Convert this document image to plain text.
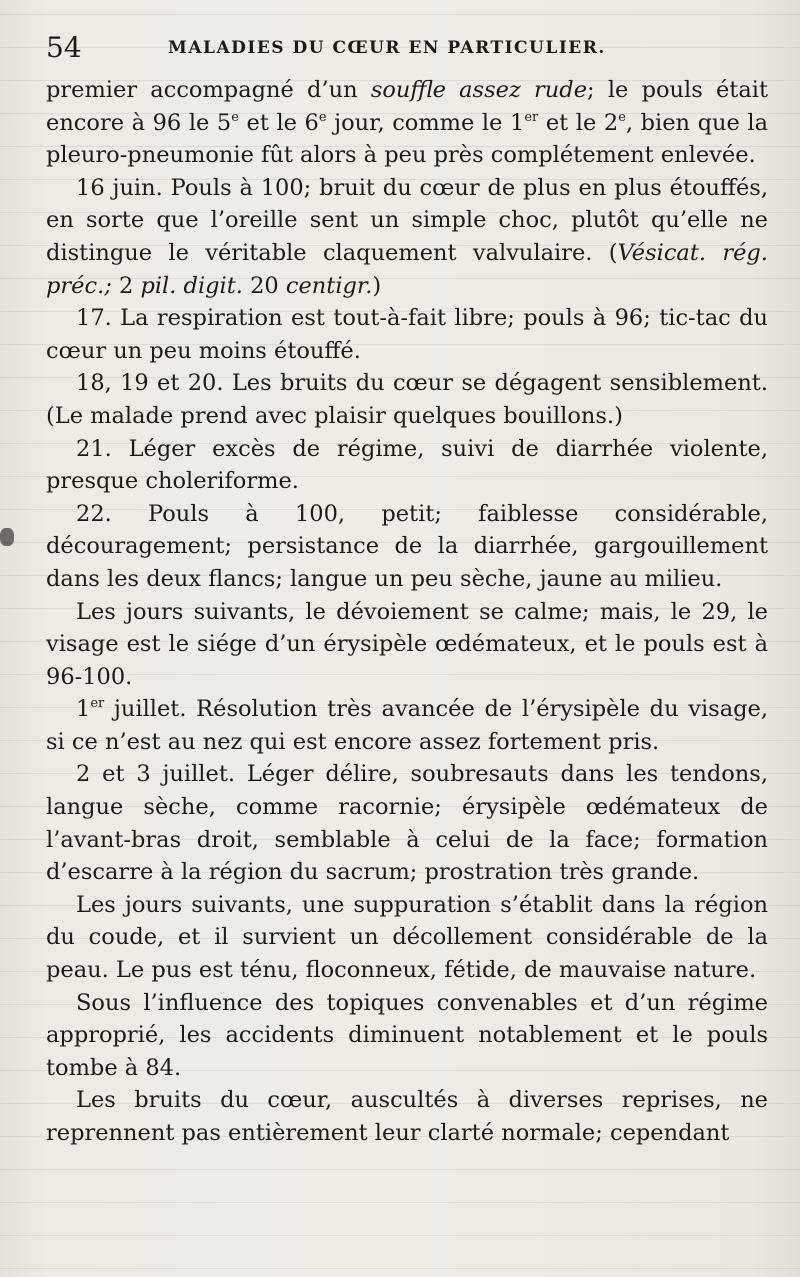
54	MALADIES DU CŒUR EN PARTICULIER.

premier accompagné d’un souffle assez rude; le pouls était encore à 96 le 5e et le 6e jour, comme le 1er et le 2e, bien que la pleuro-pneumonie fût alors à peu près complétement enlevée.

16 juin. Pouls à 100; bruit du cœur de plus en plus étouffés, en sorte que l’oreille sent un simple choc, plutôt qu’elle ne distingue le véritable claquement valvulaire. (Vésicat. rég. préc.; 2 pil. digit. 20 centigr.)

17. La respiration est tout-à-fait libre; pouls à 96; tic-tac du cœur un peu moins étouffé.

18, 19 et 20. Les bruits du cœur se dégagent sensiblement. (Le malade prend avec plaisir quelques bouillons.)

21. Léger excès de régime, suivi de diarrhée violente, presque choleriforme.

22. Pouls à 100, petit; faiblesse considérable, découragement; persistance de la diarrhée, gargouillement dans les deux flancs; langue un peu sèche, jaune au milieu.

Les jours suivants, le dévoiement se calme; mais, le 29, le visage est le siége d’un érysipèle œdémateux, et le pouls est à 96-100.

1er juillet. Résolution très avancée de l’érysipèle du visage, si ce n’est au nez qui est encore assez fortement pris.

2 et 3 juillet. Léger délire, soubresauts dans les tendons, langue sèche, comme racornie; érysipèle œdémateux de l’avant-bras droit, semblable à celui de la face; formation d’escarre à la région du sacrum; prostration très grande.

Les jours suivants, une suppuration s’établit dans la région du coude, et il survient un décollement considérable de la peau. Le pus est ténu, floconneux, fétide, de mauvaise nature.

Sous l’influence des topiques convenables et d’un régime approprié, les accidents diminuent notablement et le pouls tombe à 84.

Les bruits du cœur, auscultés à diverses reprises, ne reprennent pas entièrement leur clarté normale; cependant
